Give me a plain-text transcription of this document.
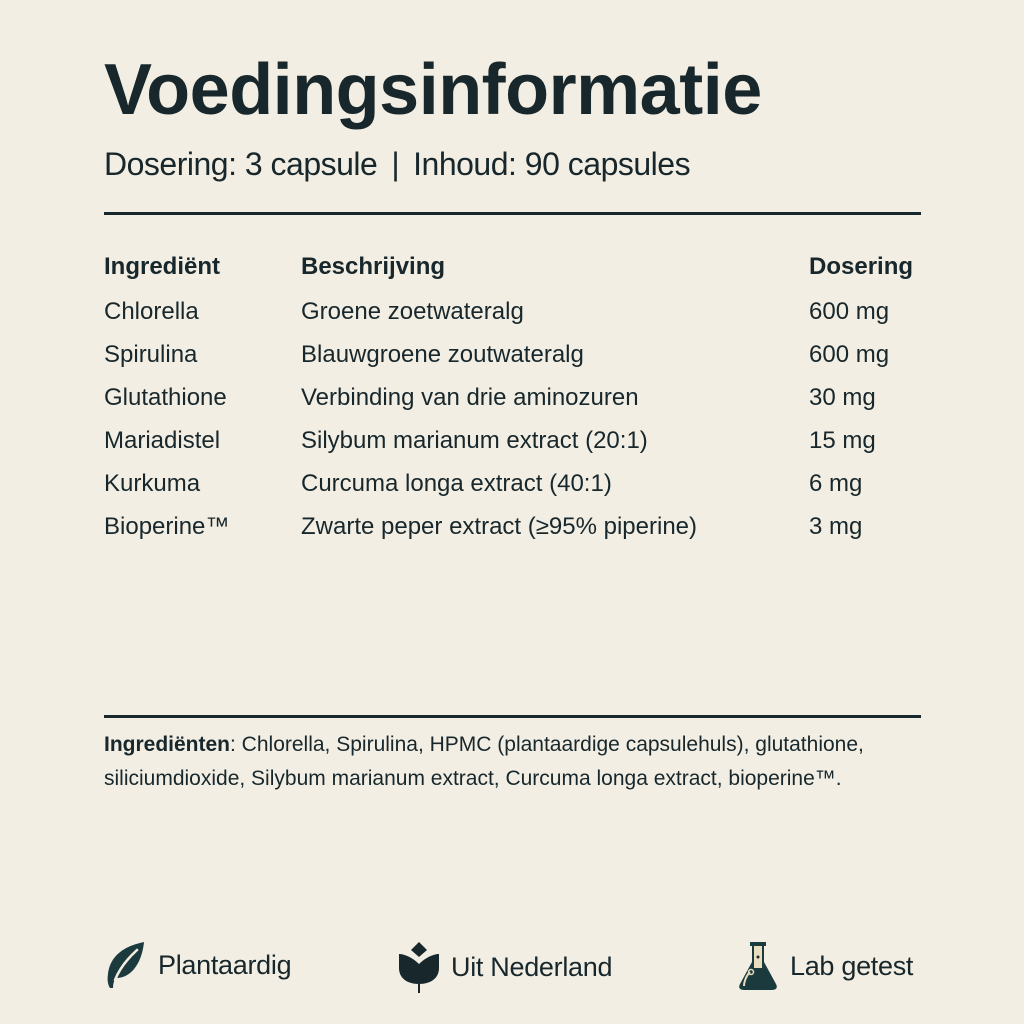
Voedingsinformatie
Dosering: 3 capsule | Inhoud: 90 capsules
Ingrediënt	Beschrijving	Dosering
Chlorella	Groene zoetwateralg	600 mg
Spirulina	Blauwgroene zoutwateralg	600 mg
Glutathione	Verbinding van drie aminozuren	30 mg
Mariadistel	Silybum marianum extract (20:1)	15 mg
Kurkuma	Curcuma longa extract (40:1)	6 mg
Bioperine™	Zwarte peper extract (≥95% piperine)	3 mg
Ingrediënten: Chlorella, Spirulina, HPMC (plantaardige capsulehuls), glutathione, siliciumdioxide, Silybum marianum extract, Curcuma longa extract, bioperine™.
Plantaardig	Uit Nederland	Lab getest
